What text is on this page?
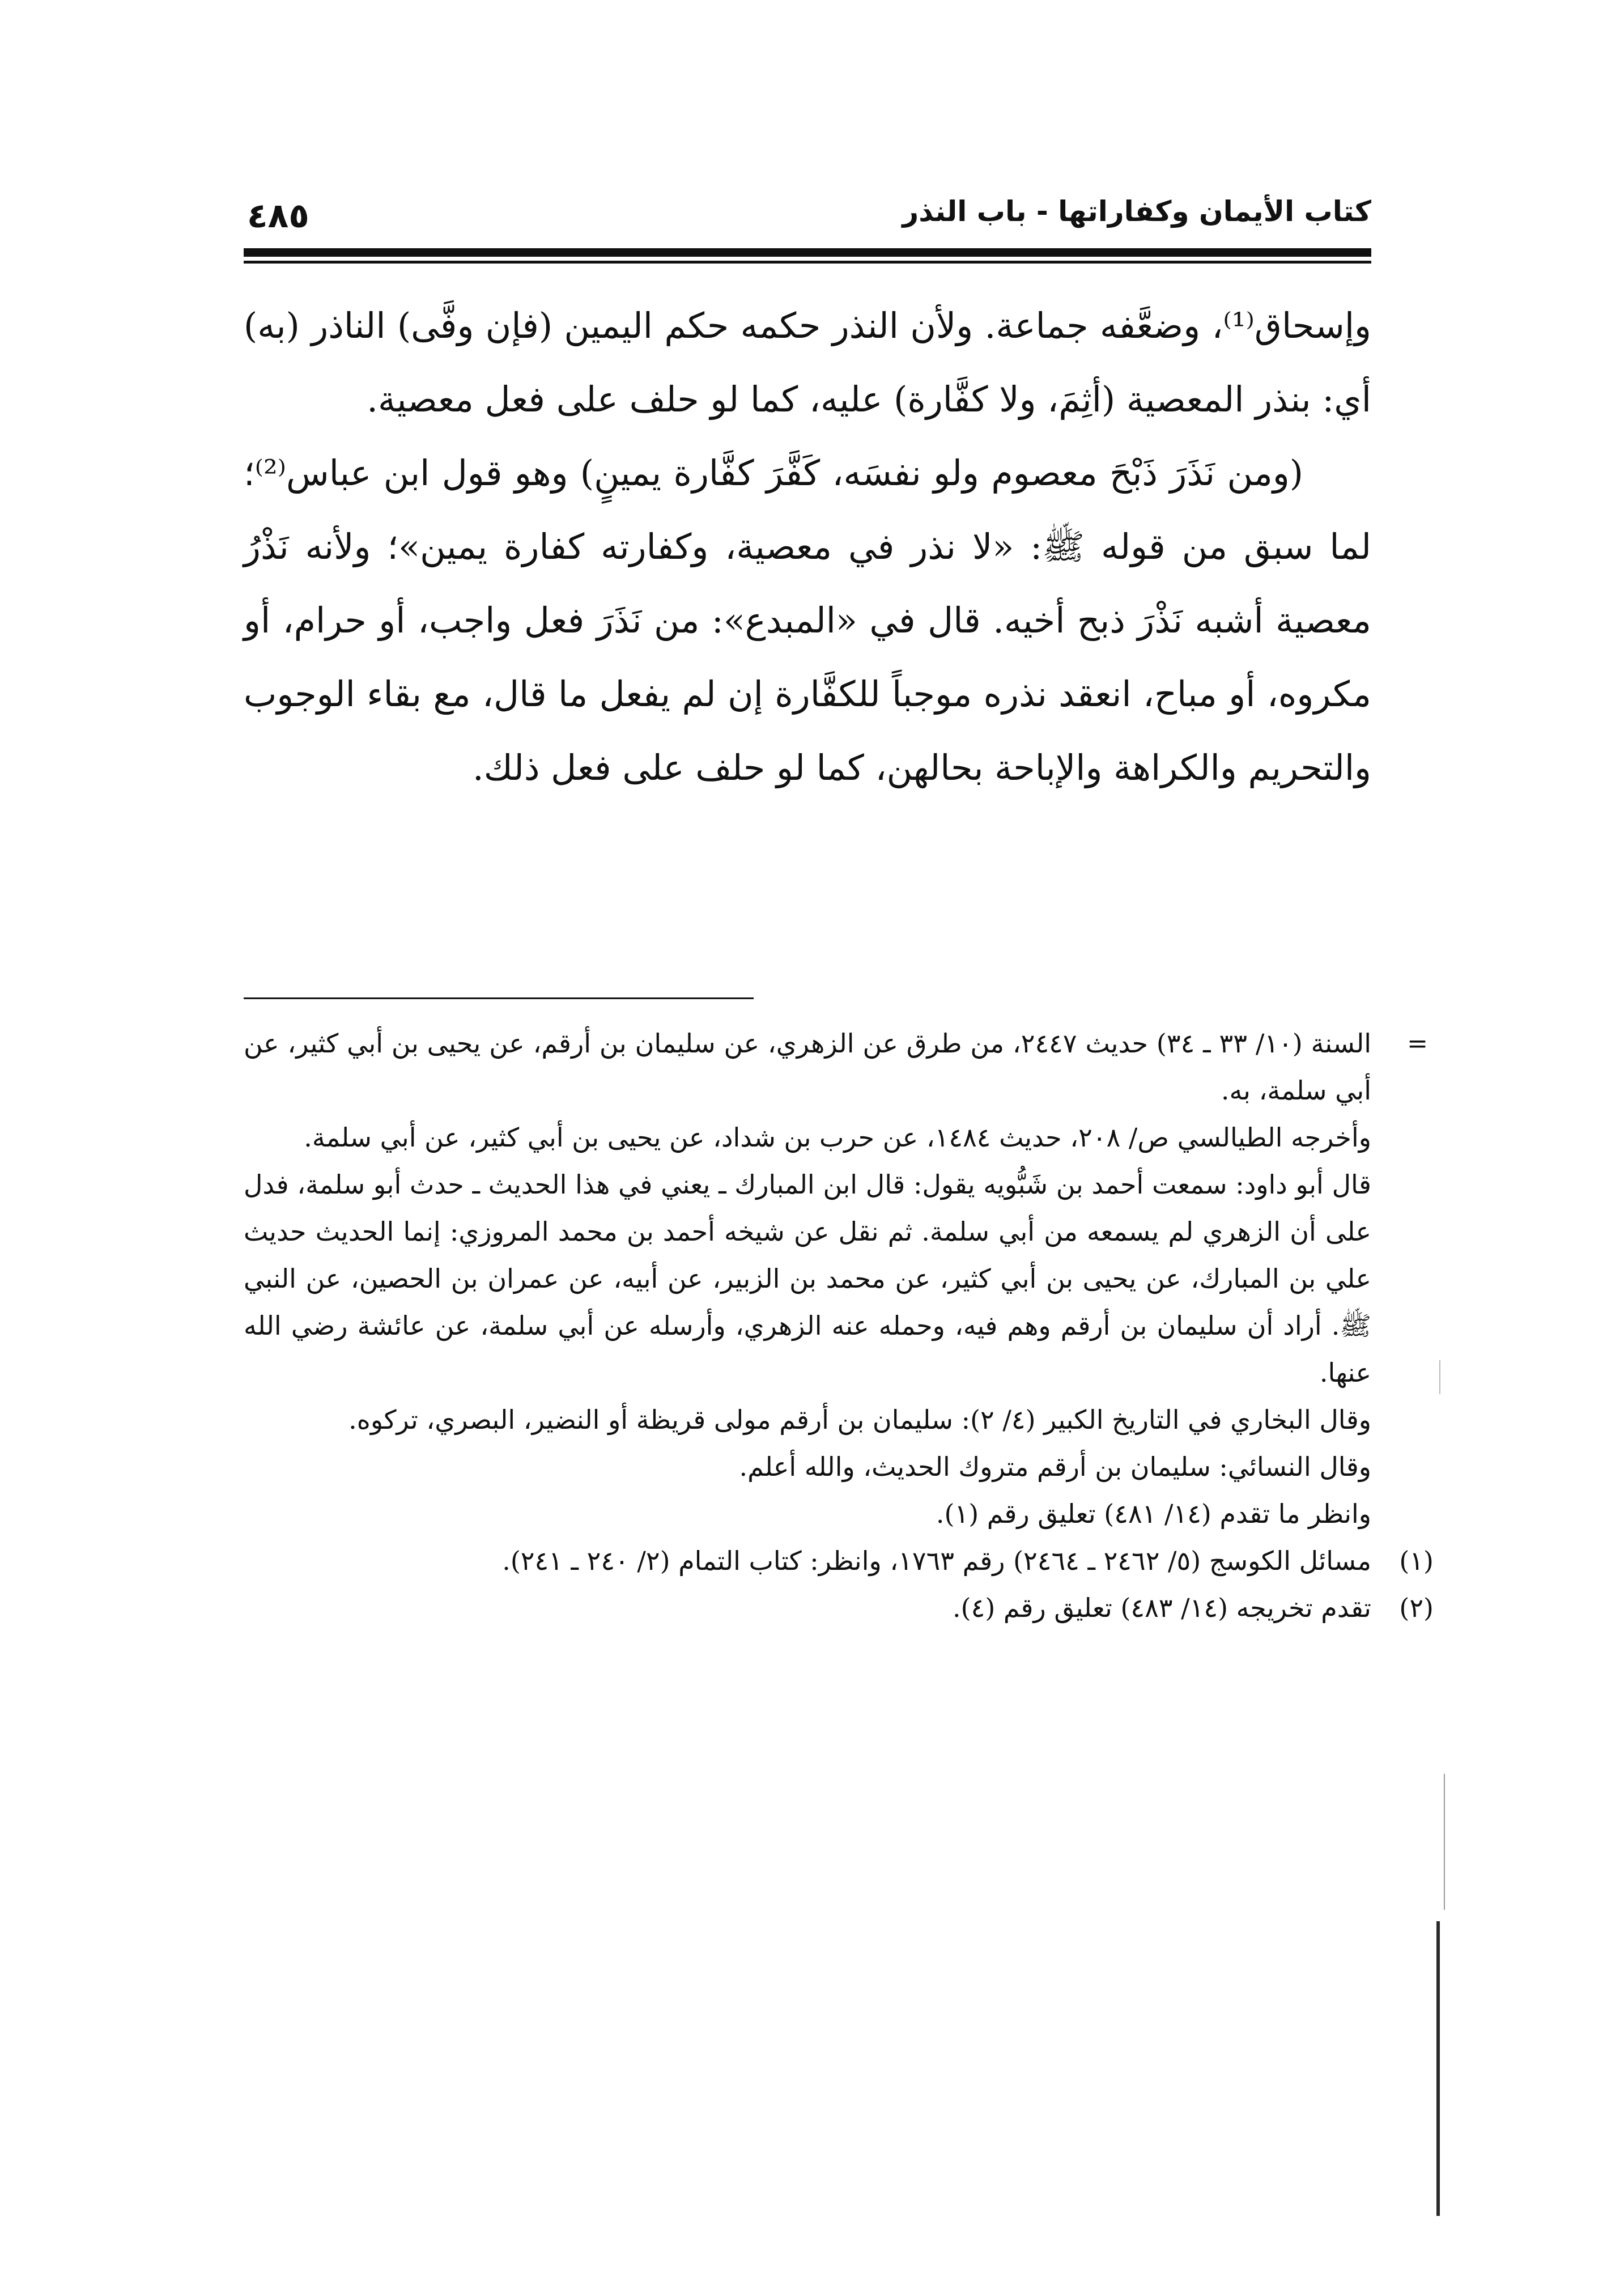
كتاب الأيمان وكفاراتها - باب النذر
٤٨٥

وإسحاق⁽¹⁾، وضعَّفه جماعة. ولأن النذر حكمه حكم اليمين (فإن وفَّى) الناذر (به) أي: بنذر المعصية (أثِمَ، ولا كفَّارة) عليه، كما لو حلف على فعل معصية.

(ومن نَذَرَ ذَبْحَ معصوم ولو نفسَه، كَفَّرَ كفَّارة يمينٍ) وهو قول ابن عباس⁽²⁾؛ لما سبق من قوله ﷺ: «لا نذر في معصية، وكفارته كفارة يمين»؛ ولأنه نَذْرُ معصية أشبه نَذْرَ ذبح أخيه. قال في «المبدع»: من نَذَرَ فعل واجب، أو حرام، أو مكروه، أو مباح، انعقد نذره موجباً للكفَّارة إن لم يفعل ما قال، مع بقاء الوجوب والتحريم والكراهة والإباحة بحالهن، كما لو حلف على فعل ذلك.

=

السنة (١٠/ ٣٣ ـ ٣٤) حديث ٢٤٤٧، من طرق عن الزهري، عن سليمان بن أرقم، عن يحيى بن أبي كثير، عن أبي سلمة، به.

وأخرجه الطيالسي ص/ ٢٠٨، حديث ١٤٨٤، عن حرب بن شداد، عن يحيى بن أبي كثير، عن أبي سلمة.

قال أبو داود: سمعت أحمد بن شَبُّويه يقول: قال ابن المبارك ـ يعني في هذا الحديث ـ حدث أبو سلمة، فدل على أن الزهري لم يسمعه من أبي سلمة. ثم نقل عن شيخه أحمد بن محمد المروزي: إنما الحديث حديث علي بن المبارك، عن يحيى بن أبي كثير، عن محمد بن الزبير، عن أبيه، عن عمران بن الحصين، عن النبي ﷺ. أراد أن سليمان بن أرقم وهم فيه، وحمله عنه الزهري، وأرسله عن أبي سلمة، عن عائشة رضي الله عنها.

وقال البخاري في التاريخ الكبير (٤/ ٢): سليمان بن أرقم مولى قريظة أو النضير، البصري، تركوه.

وقال النسائي: سليمان بن أرقم متروك الحديث، والله أعلم.

وانظر ما تقدم (١٤/ ٤٨١) تعليق رقم (١).

(١)
مسائل الكوسج (٥/ ٢٤٦٢ ـ ٢٤٦٤) رقم ١٧٦٣، وانظر: كتاب التمام (٢/ ٢٤٠ ـ ٢٤١).
(٢)
تقدم تخريجه (١٤/ ٤٨٣) تعليق رقم (٤).
